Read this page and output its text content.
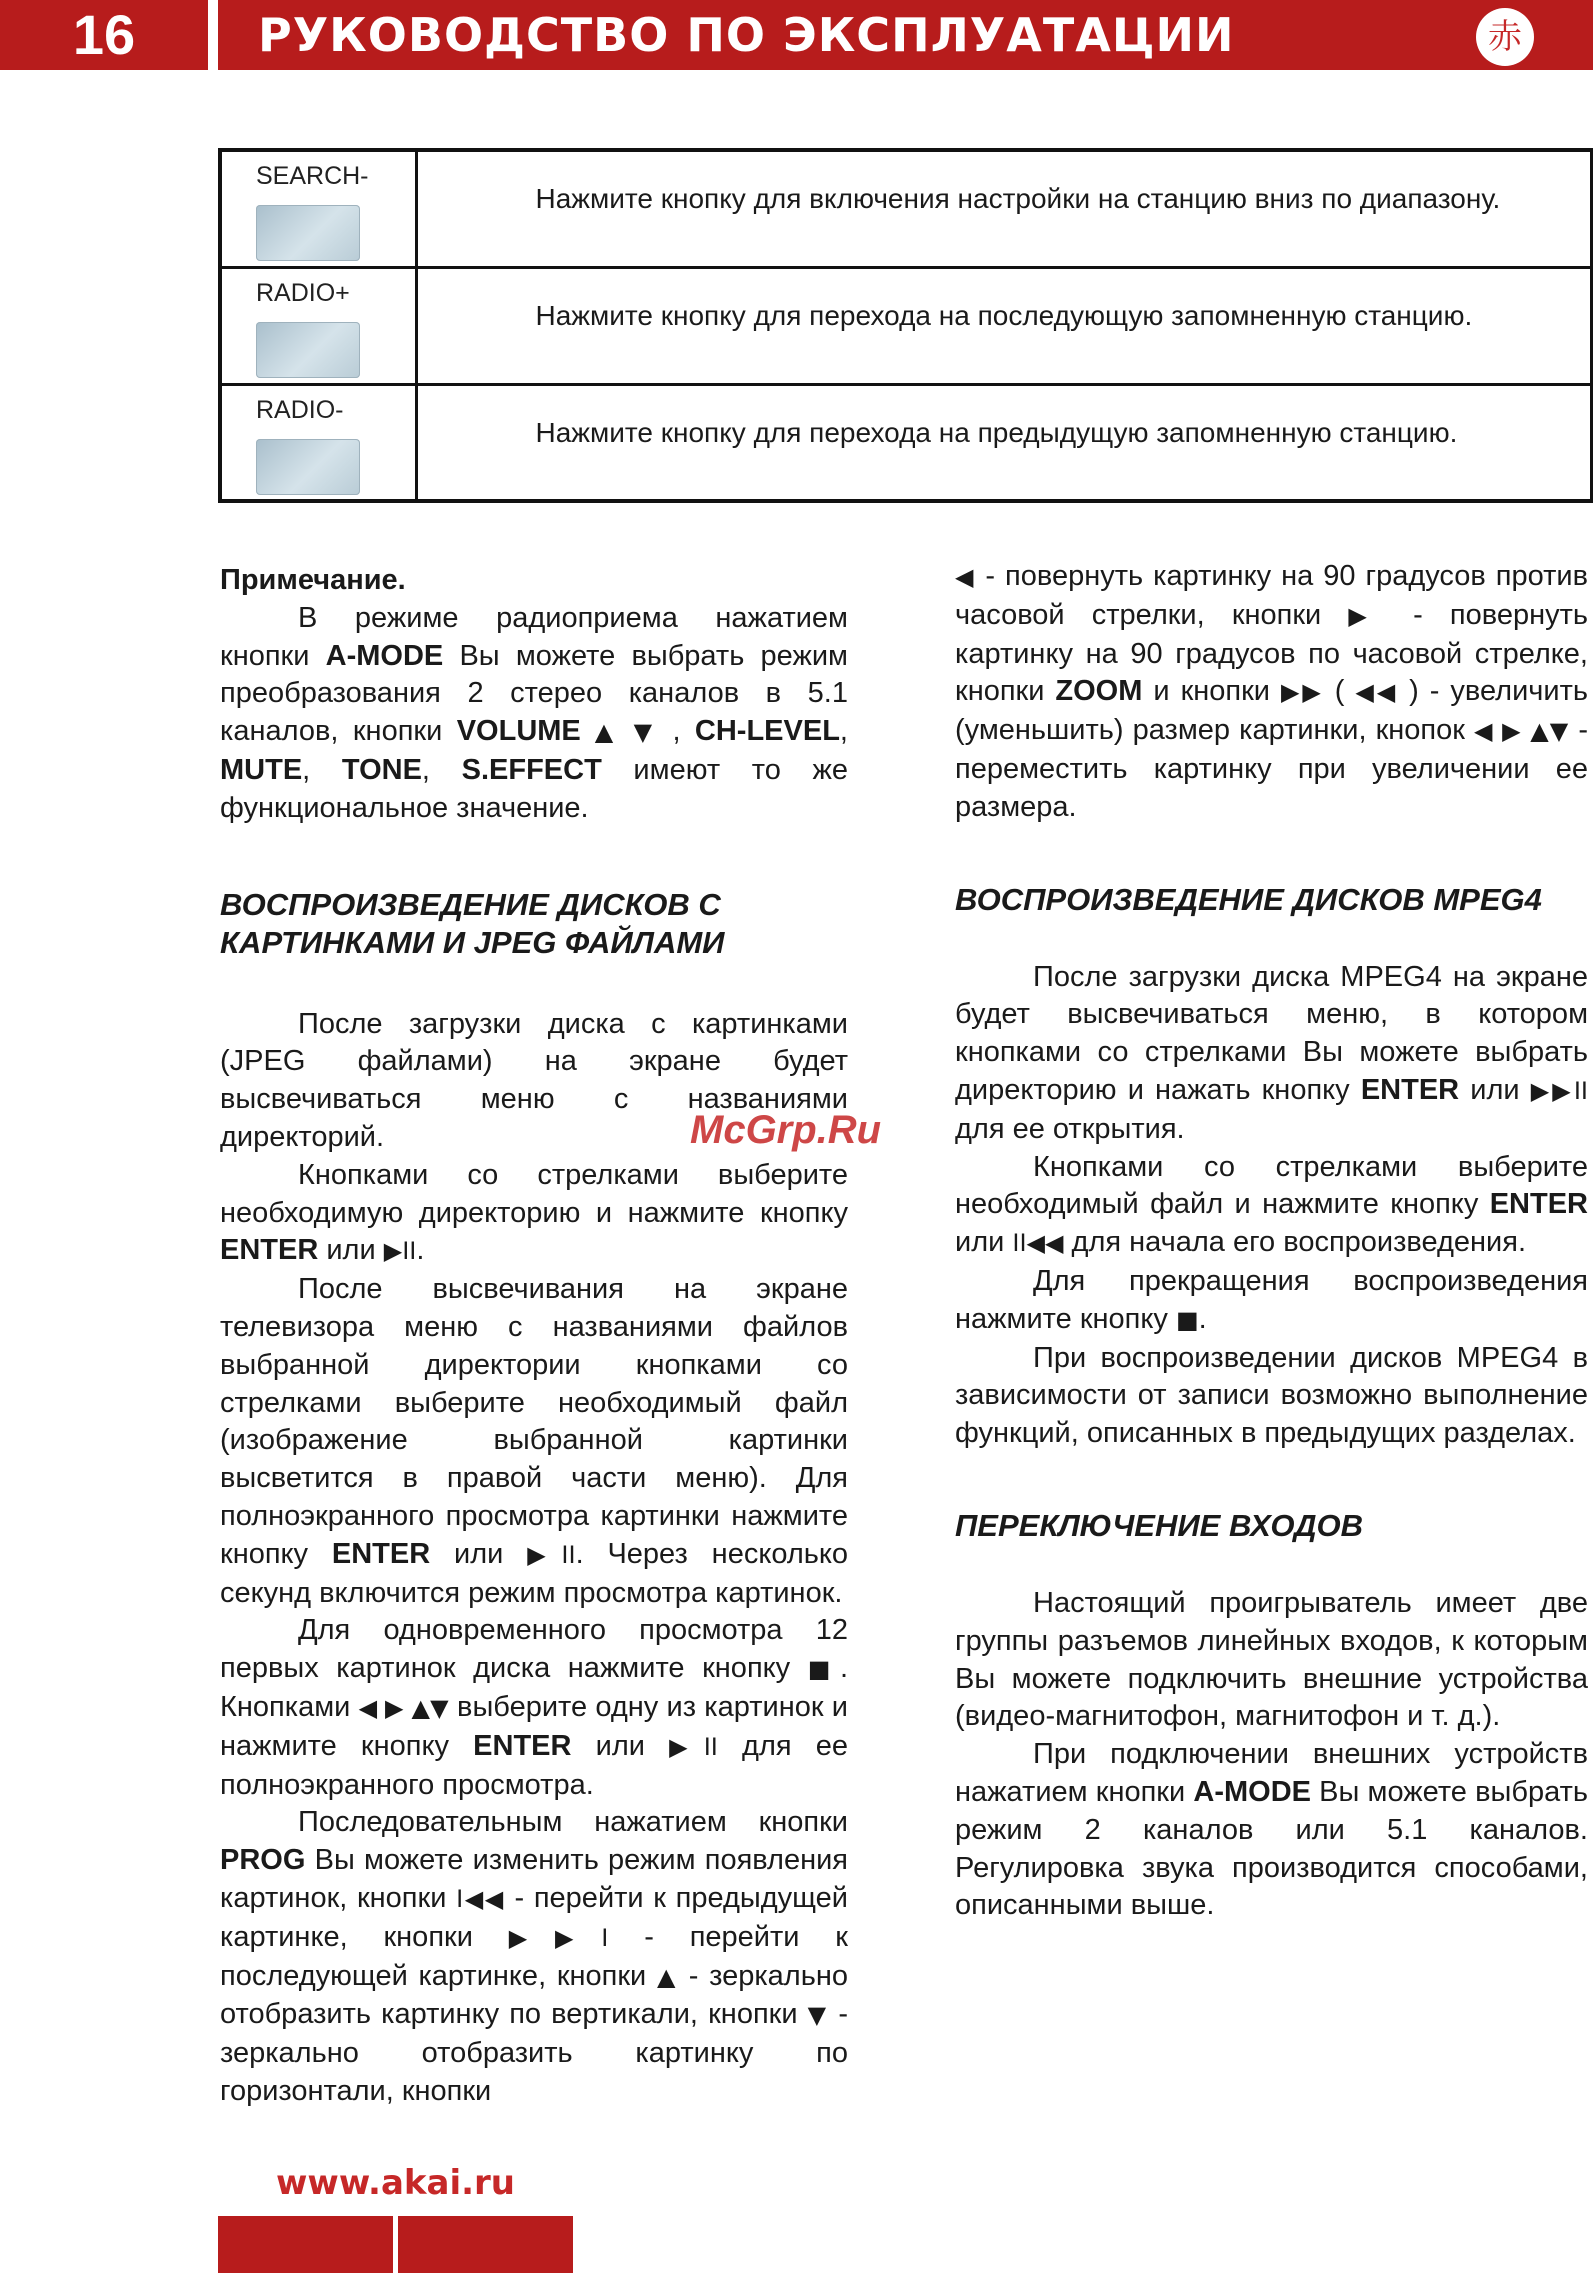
16	РУКОВОДСТВО ПО ЭКСПЛУАТАЦИИ	赤
SEARCH-	Нажмите кнопку для включения настройки на станцию вниз по диапазону.

RADIO+	Нажмите кнопку для перехода на последующую запомненную станцию.

RADIO-	Нажмите кнопку для перехода на предыдущую запомненную станцию.

Примечание.

В режиме радиоприема нажатием кнопки A-MODE Вы можете выбрать режим преобразования 2 стерео каналов в 5.1 каналов, кнопки VOLUME ▲ ▼ , CH-LEVEL, MUTE, TONE, S.EFFECT имеют то же функциональное значение.

ВОСПРОИЗВЕДЕНИЕ ДИСКОВ С КАРТИНКАМИ И JPEG ФАЙЛАМИ

После загрузки диска с картинками (JPEG файлами) на экране будет высвечиваться меню с названиями директорий.

Кнопками со стрелками выберите необходимую директорию и нажмите кнопку ENTER или ▶II.

После высвечивания на экране телевизора меню с названиями файлов выбранной директории кнопками со стрелками выберите необходимый файл (изображение выбранной картинки высветится в правой части меню). Для полноэкранного просмотра картинки нажмите кнопку ENTER или ▶II. Через несколько секунд включится режим просмотра картинок.

Для одновременного просмотра 12 первых картинок диска нажмите кнопку ■. Кнопками ◀ ▶ ▲▼ выберите одну из картинок и нажмите кнопку ENTER или ▶II для ее полноэкранного просмотра.

Последовательным нажатием кнопки PROG Вы можете изменить режим появления картинок, кнопки I◀◀ - перейти к предыдущей картинке, кнопки ▶▶I - перейти к последующей картинке, кнопки ▲ - зеркально отобразить картинку по вертикали, кнопки ▼ - зеркально отобразить картинку по горизонтали, кнопки

◀ - повернуть картинку на 90 градусов против часовой стрелки, кнопки ▶ - повернуть картинку на 90 градусов по часовой стрелке, кнопки ZOOM и кнопки ▶▶ ( ◀◀ ) - увеличить (уменьшить) размер картинки, кнопок ◀ ▶ ▲▼ - переместить картинку при увеличении ее размера.

ВОСПРОИЗВЕДЕНИЕ ДИСКОВ MPEG4

После загрузки диска MPEG4 на экране будет высвечиваться меню, в котором кнопками со стрелками Вы можете выбрать директорию и нажать кнопку ENTER или ▶▶II для ее открытия.

Кнопками со стрелками выберите необходимый файл и нажмите кнопку ENTER или II◀◀ для начала его воспроизведения.

Для прекращения воспроизведения нажмите кнопку ■.

При воспроизведении дисков MPEG4 в зависимости от записи возможно выполнение функций, описанных в предыдущих разделах.

ПЕРЕКЛЮЧЕНИЕ ВХОДОВ

Настоящий проигрыватель имеет две группы разъемов линейных входов, к которым Вы можете подключить внешние устройства (видео-магнитофон, магнитофон и т. д.).

При подключении внешних устройств нажатием кнопки A-MODE Вы можете выбрать режим 2 каналов или 5.1 каналов. Регулировка звука производится способами, описанными выше.

McGrp.Ru
www.akai.ru
